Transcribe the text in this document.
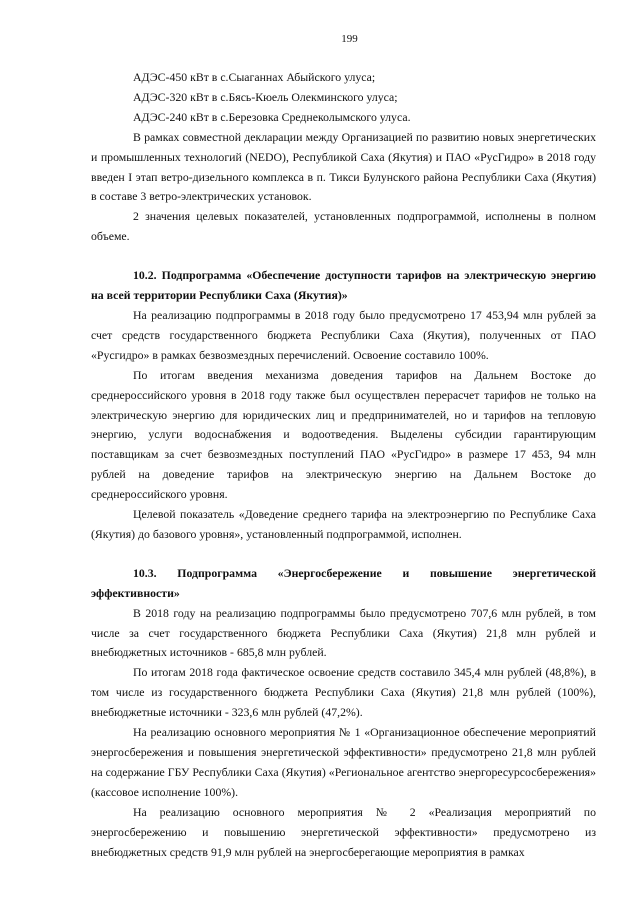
199

АДЭС-450 кВт в с.Сыаганнах Абыйского улуса;

АДЭС-320 кВт в с.Бясь-Кюель Олекминского улуса;

АДЭС-240 кВт в с.Березовка Среднеколымского улуса.

В рамках совместной декларации между Организацией по развитию новых энергетических и промышленных технологий (NEDO), Республикой Саха (Якутия) и ПАО «РусГидро» в 2018 году введен I этап ветро-дизельного комплекса в п. Тикси Булунского района Республики Саха (Якутия) в составе 3 ветро-электрических установок.

2 значения целевых показателей, установленных подпрограммой, исполнены в полном объеме.

10.2. Подпрограмма «Обеспечение доступности тарифов на электрическую энергию на всей территории Республики Саха (Якутия)»

На реализацию подпрограммы в 2018 году было предусмотрено 17 453,94 млн рублей за счет средств государственного бюджета Республики Саха (Якутия), полученных от ПАО «Русгидро» в рамках безвозмездных перечислений. Освоение составило 100%.

По итогам введения механизма доведения тарифов на Дальнем Востоке до среднероссийского уровня в 2018 году также был осуществлен перерасчет тарифов не только на электрическую энергию для юридических лиц и предпринимателей, но и тарифов на тепловую энергию, услуги водоснабжения и водоотведения. Выделены субсидии гарантирующим поставщикам за счет безвозмездных поступлений ПАО «РусГидро» в размере 17 453, 94 млн рублей на доведение тарифов на электрическую энергию на Дальнем Востоке до среднероссийского уровня.

Целевой показатель «Доведение среднего тарифа на электроэнергию по Республике Саха (Якутия) до базового уровня», установленный подпрограммой, исполнен.

10.3. Подпрограмма «Энергосбережение и повышение энергетической эффективности»

В 2018 году на реализацию подпрограммы было предусмотрено 707,6 млн рублей, в том числе за счет государственного бюджета Республики Саха (Якутия) 21,8 млн рублей и внебюджетных источников - 685,8 млн рублей.

По итогам 2018 года фактическое освоение средств составило 345,4 млн рублей (48,8%), в том числе из государственного бюджета Республики Саха (Якутия) 21,8 млн рублей (100%), внебюджетные источники - 323,6 млн рублей (47,2%).

На реализацию основного мероприятия № 1 «Организационное обеспечение мероприятий энергосбережения и повышения энергетической эффективности» предусмотрено 21,8 млн рублей на содержание ГБУ Республики Саха (Якутия) «Региональное агентство энергоресурсосбережения» (кассовое исполнение 100%).

На реализацию основного мероприятия № 2 «Реализация мероприятий по энергосбережению и повышению энергетической эффективности» предусмотрено из внебюджетных средств 91,9 млн рублей на энергосберегающие мероприятия в рамках
